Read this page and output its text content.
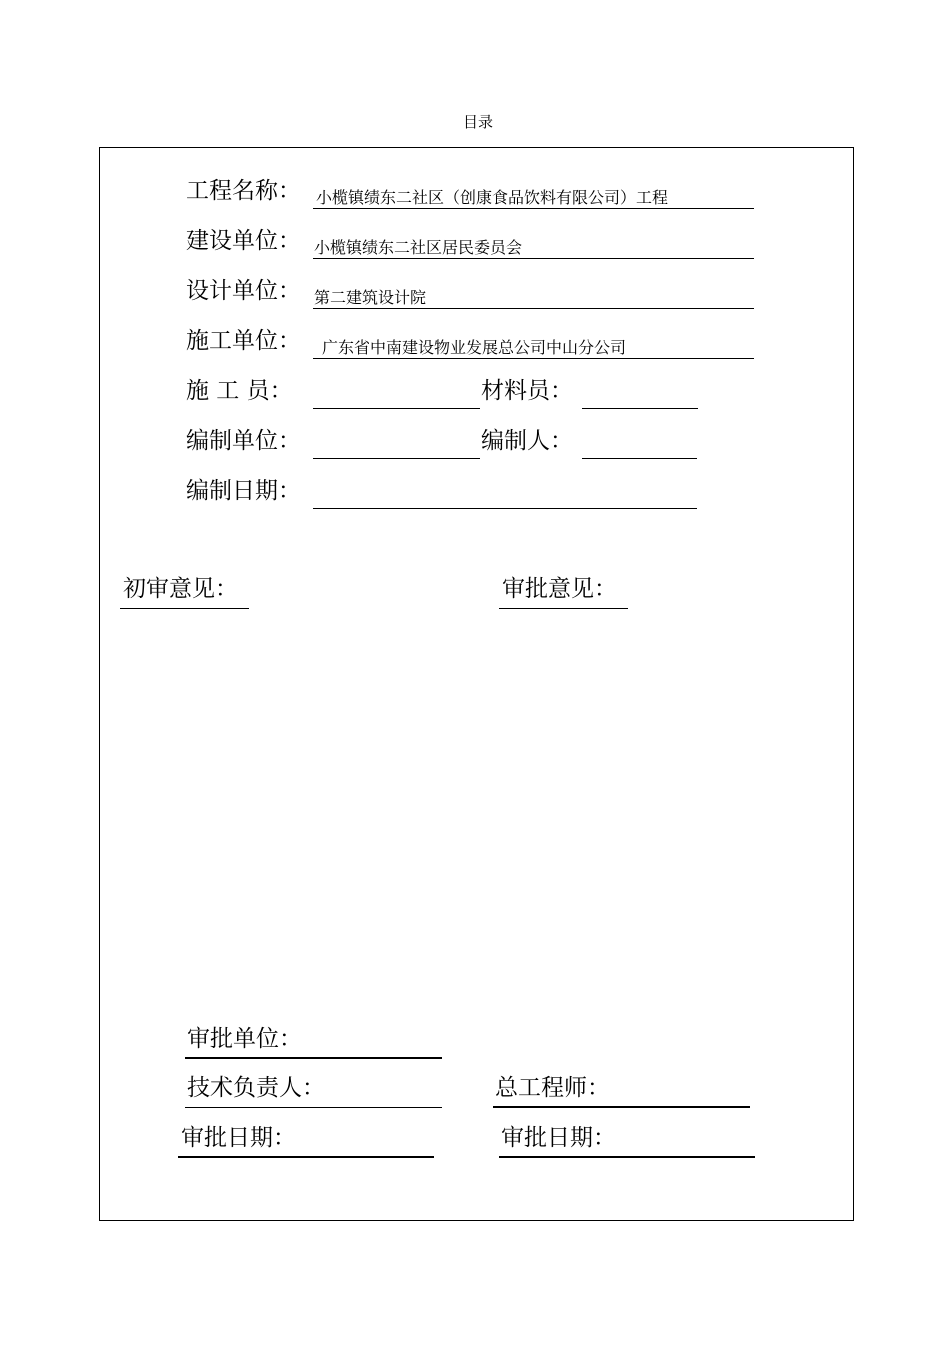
目录
工程名称： 小榄镇绩东二社区（创康食品饮料有限公司）工程
建设单位： 小榄镇绩东二社区居民委员会
设计单位： 第二建筑设计院
施工单位： 广东省中南建设物业发展总公司中山分公司
施 工 员：	材料员：
编制单位：	编制人：
编制日期：
初审意见：	审批意见：
审批单位：
技术负责人：	总工程师：
审批日期：	审批日期：
